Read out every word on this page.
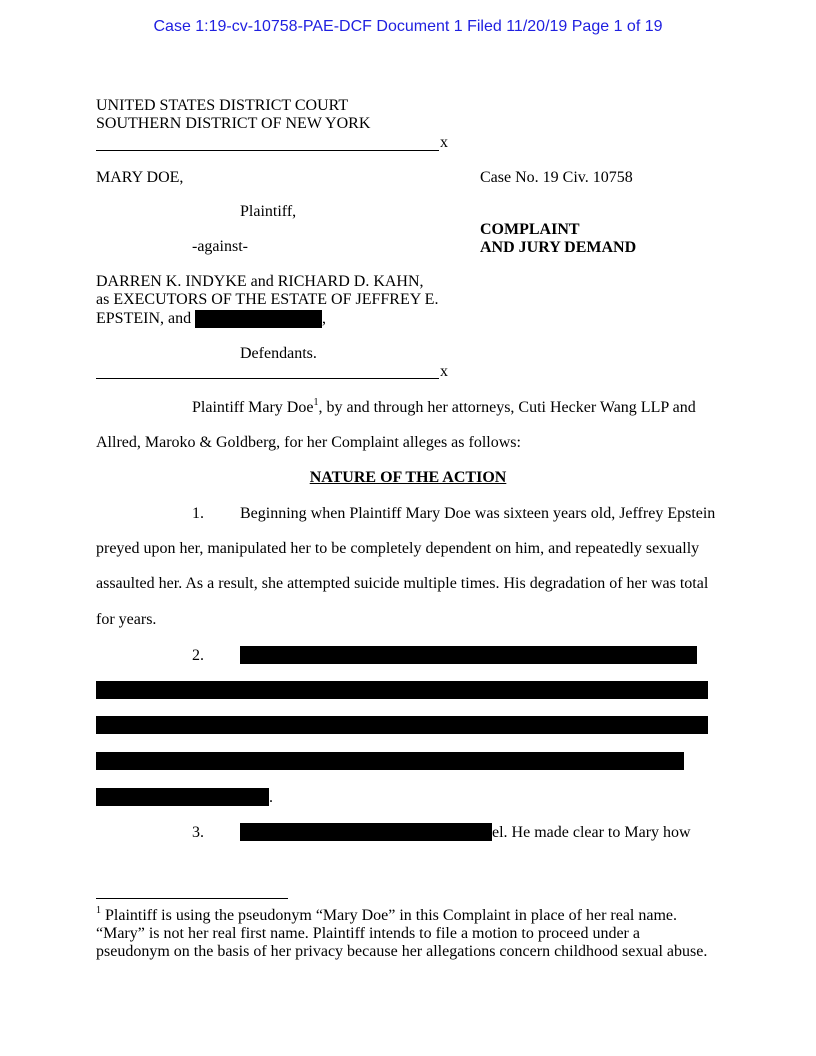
Case 1:19-cv-10758-PAE-DCF Document 1 Filed 11/20/19 Page 1 of 19
UNITED STATES DISTRICT COURT
SOUTHERN DISTRICT OF NEW YORK
x
MARY DOE,
Plaintiff,
-against-
DARREN K. INDYKE and RICHARD D. KAHN,
as EXECUTORS OF THE ESTATE OF JEFFREY E.
EPSTEIN, and	,
Defendants.
x
Case No. 19 Civ. 10758
COMPLAINT
AND JURY DEMAND
Plaintiff Mary Doe$^1$, by and through her attorneys, Cuti Hecker Wang LLP and
Allred, Maroko & Goldberg, for her Complaint alleges as follows:
NATURE OF THE ACTION
1. Beginning when Plaintiff Mary Doe was sixteen years old, Jeffrey Epstein
preyed upon her, manipulated her to be completely dependent on him, and repeatedly sexually
assaulted her. As a result, she attempted suicide multiple times. His degradation of her was total
for years.
2.
.
3.	el. He made clear to Mary how
$^1$ Plaintiff is using the pseudonym “Mary Doe” in this Complaint in place of her real name.
“Mary” is not her real first name. Plaintiff intends to file a motion to proceed under a
pseudonym on the basis of her privacy because her allegations concern childhood sexual abuse.
